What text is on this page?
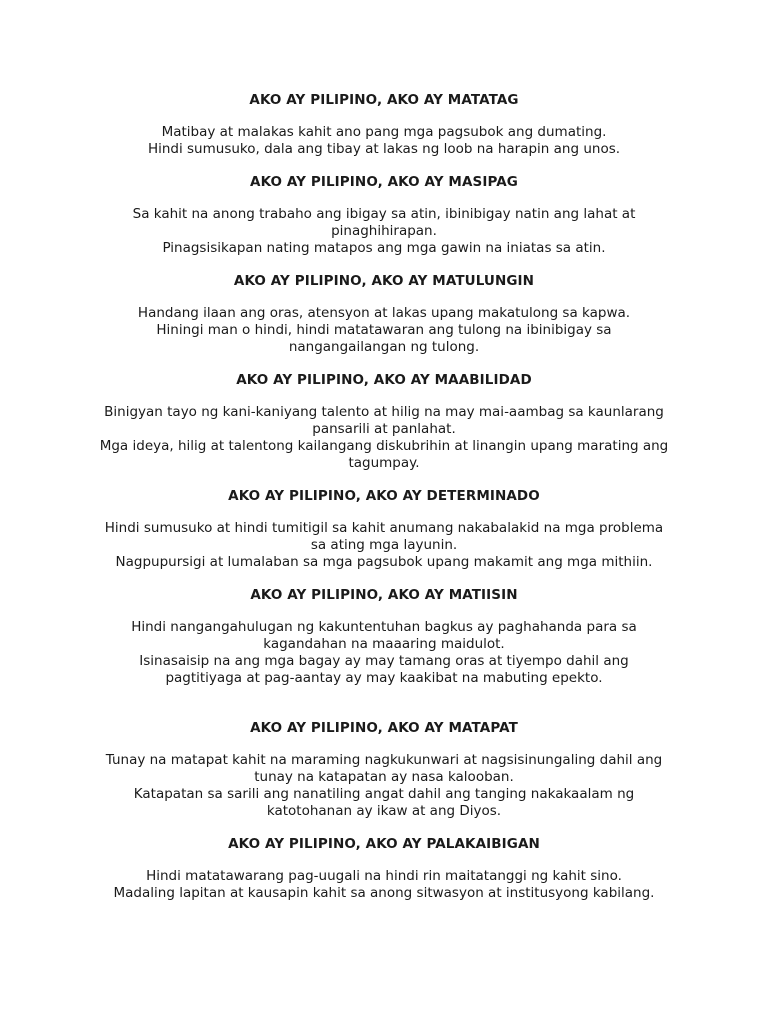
AKO AY PILIPINO, AKO AY MATATAG
Matibay at malakas kahit ano pang mga pagsubok ang dumating.
Hindi sumusuko, dala ang tibay at lakas ng loob na harapin ang unos.
AKO AY PILIPINO, AKO AY MASIPAG
Sa kahit na anong trabaho ang ibigay sa atin, ibinibigay natin ang lahat at
pinaghihirapan.
Pinagsisikapan nating matapos ang mga gawin na iniatas sa atin.
AKO AY PILIPINO, AKO AY MATULUNGIN
Handang ilaan ang oras, atensyon at lakas upang makatulong sa kapwa.
Hiningi man o hindi, hindi matatawaran ang tulong na ibinibigay sa
nangangailangan ng tulong.
AKO AY PILIPINO, AKO AY MAABILIDAD
Binigyan tayo ng kani-kaniyang talento at hilig na may mai-aambag sa kaunlarang
pansarili at panlahat.
Mga ideya, hilig at talentong kailangang diskubrihin at linangin upang marating ang
tagumpay.
AKO AY PILIPINO, AKO AY DETERMINADO
Hindi sumusuko at hindi tumitigil sa kahit anumang nakabalakid na mga problema
sa ating mga layunin.
Nagpupursigi at lumalaban sa mga pagsubok upang makamit ang mga mithiin.
AKO AY PILIPINO, AKO AY MATIISIN
Hindi nangangahulugan ng kakuntentuhan bagkus ay paghahanda para sa
kagandahan na maaaring maidulot.
Isinasaisip na ang mga bagay ay may tamang oras at tiyempo dahil ang
pagtitiyaga at pag-aantay ay may kaakibat na mabuting epekto.
AKO AY PILIPINO, AKO AY MATAPAT
Tunay na matapat kahit na maraming nagkukunwari at nagsisinungaling dahil ang
tunay na katapatan ay nasa kalooban.
Katapatan sa sarili ang nanatiling angat dahil ang tanging nakakaalam ng
katotohanan ay ikaw at ang Diyos.
AKO AY PILIPINO, AKO AY PALAKAIBIGAN
Hindi matatawarang pag-uugali na hindi rin maitatanggi ng kahit sino.
Madaling lapitan at kausapin kahit sa anong sitwasyon at institusyong kabilang.
